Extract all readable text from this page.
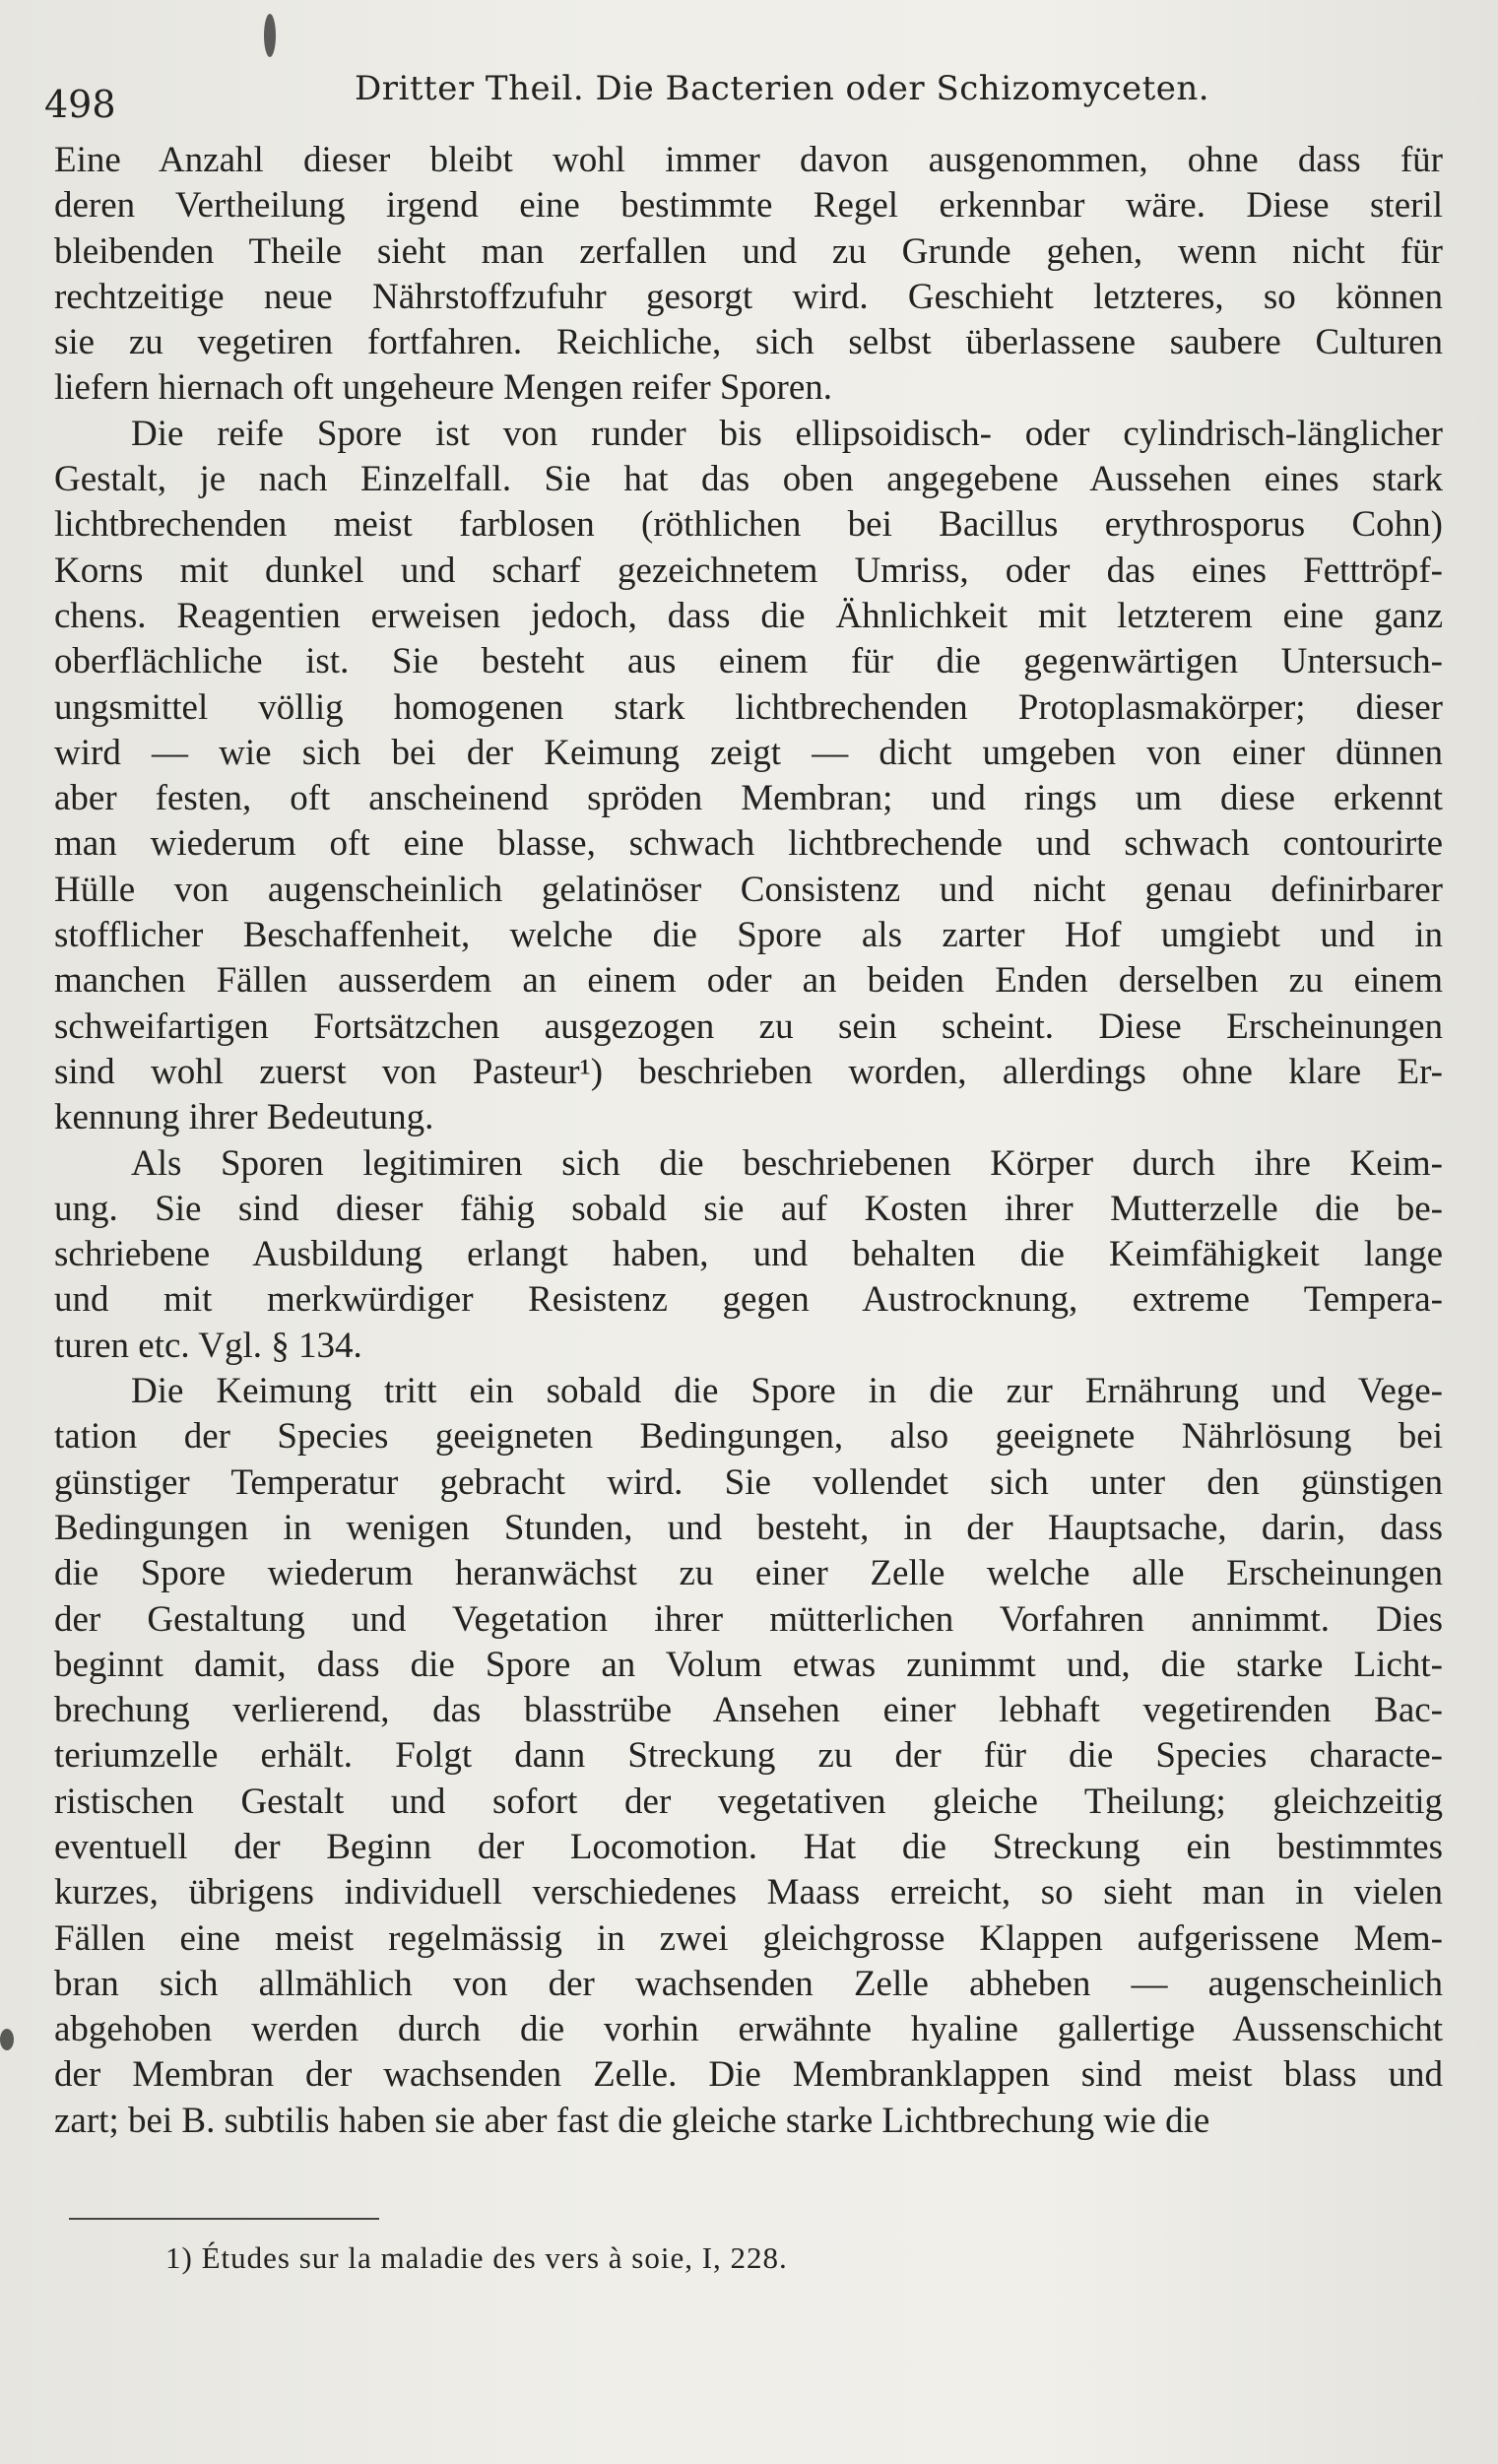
498	Dritter Theil. Die Bacterien oder Schizomyceten.

Eine Anzahl dieser bleibt wohl immer davon ausgenommen, ohne dass für
deren Vertheilung irgend eine bestimmte Regel erkennbar wäre. Diese steril
bleibenden Theile sieht man zerfallen und zu Grunde gehen, wenn nicht für
rechtzeitige neue Nährstoffzufuhr gesorgt wird. Geschieht letzteres, so können
sie zu vegetiren fortfahren. Reichliche, sich selbst überlassene saubere Culturen
liefern hiernach oft ungeheure Mengen reifer Sporen.

Die reife Spore ist von runder bis ellipsoidisch- oder cylindrisch-länglicher
Gestalt, je nach Einzelfall. Sie hat das oben angegebene Aussehen eines stark
lichtbrechenden meist farblosen (röthlichen bei Bacillus erythrosporus Cohn)
Korns mit dunkel und scharf gezeichnetem Umriss, oder das eines Fetttröpf-
chens. Reagentien erweisen jedoch, dass die Ähnlichkeit mit letzterem eine ganz
oberflächliche ist. Sie besteht aus einem für die gegenwärtigen Untersuch-
ungsmittel völlig homogenen stark lichtbrechenden Protoplasmakörper; dieser
wird — wie sich bei der Keimung zeigt — dicht umgeben von einer dünnen
aber festen, oft anscheinend spröden Membran; und rings um diese erkennt
man wiederum oft eine blasse, schwach lichtbrechende und schwach contourirte
Hülle von augenscheinlich gelatinöser Consistenz und nicht genau definirbarer
stofflicher Beschaffenheit, welche die Spore als zarter Hof umgiebt und in
manchen Fällen ausserdem an einem oder an beiden Enden derselben zu einem
schweifartigen Fortsätzchen ausgezogen zu sein scheint. Diese Erscheinungen
sind wohl zuerst von Pasteur¹) beschrieben worden, allerdings ohne klare Er-
kennung ihrer Bedeutung.

Als Sporen legitimiren sich die beschriebenen Körper durch ihre Keim-
ung. Sie sind dieser fähig sobald sie auf Kosten ihrer Mutterzelle die be-
schriebene Ausbildung erlangt haben, und behalten die Keimfähigkeit lange
und mit merkwürdiger Resistenz gegen Austrocknung, extreme Tempera-
turen etc. Vgl. § 134.

Die Keimung tritt ein sobald die Spore in die zur Ernährung und Vege-
tation der Species geeigneten Bedingungen, also geeignete Nährlösung bei
günstiger Temperatur gebracht wird. Sie vollendet sich unter den günstigen
Bedingungen in wenigen Stunden, und besteht, in der Hauptsache, darin, dass
die Spore wiederum heranwächst zu einer Zelle welche alle Erscheinungen
der Gestaltung und Vegetation ihrer mütterlichen Vorfahren annimmt. Dies
beginnt damit, dass die Spore an Volum etwas zunimmt und, die starke Licht-
brechung verlierend, das blasstrübe Ansehen einer lebhaft vegetirenden Bac-
teriumzelle erhält. Folgt dann Streckung zu der für die Species characte-
ristischen Gestalt und sofort der vegetativen gleiche Theilung; gleichzeitig
eventuell der Beginn der Locomotion. Hat die Streckung ein bestimmtes
kurzes, übrigens individuell verschiedenes Maass erreicht, so sieht man in vielen
Fällen eine meist regelmässig in zwei gleichgrosse Klappen aufgerissene Mem-
bran sich allmählich von der wachsenden Zelle abheben — augenscheinlich
abgehoben werden durch die vorhin erwähnte hyaline gallertige Aussenschicht
der Membran der wachsenden Zelle. Die Membranklappen sind meist blass und
zart; bei B. subtilis haben sie aber fast die gleiche starke Lichtbrechung wie die

1) Études sur la maladie des vers à soie, I, 228.
